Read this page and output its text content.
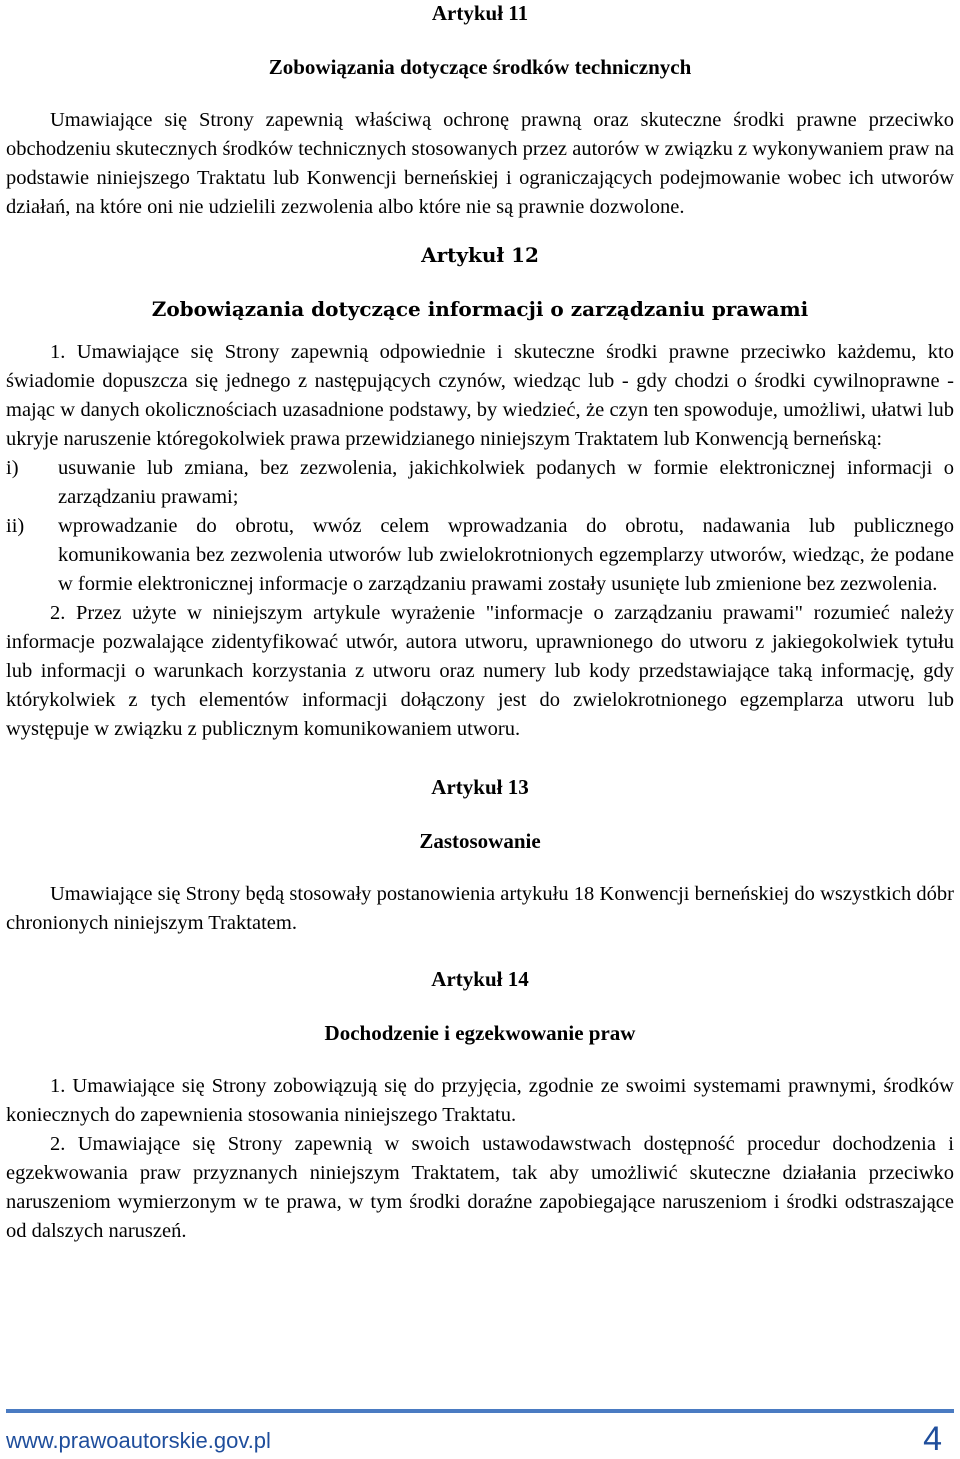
Artykuł 11
Zobowiązania dotyczące środków technicznych
Umawiające się Strony zapewnią właściwą ochronę prawną oraz skuteczne środki prawne przeciwko obchodzeniu skutecznych środków technicznych stosowanych przez autorów w związku z wykonywaniem praw na podstawie niniejszego Traktatu lub Konwencji berneńskiej i ograniczających podejmowanie wobec ich utworów działań, na które oni nie udzielili zezwolenia albo które nie są prawnie dozwolone.
Artykuł 12
Zobowiązania dotyczące informacji o zarządzaniu prawami
1. Umawiające się Strony zapewnią odpowiednie i skuteczne środki prawne przeciwko każdemu, kto świadomie dopuszcza się jednego z następujących czynów, wiedząc lub - gdy chodzi o środki cywilnoprawne - mając w danych okolicznościach uzasadnione podstawy, by wiedzieć, że czyn ten spowoduje, umożliwi, ułatwi lub ukryje naruszenie któregokolwiek prawa przewidzianego niniejszym Traktatem lub Konwencją berneńską:
i) usuwanie lub zmiana, bez zezwolenia, jakichkolwiek podanych w formie elektronicznej informacji o zarządzaniu prawami;
ii) wprowadzanie do obrotu, wwóz celem wprowadzania do obrotu, nadawania lub publicznego komunikowania bez zezwolenia utworów lub zwielokrotnionych egzemplarzy utworów, wiedząc, że podane w formie elektronicznej informacje o zarządzaniu prawami zostały usunięte lub zmienione bez zezwolenia.
2. Przez użyte w niniejszym artykule wyrażenie "informacje o zarządzaniu prawami" rozumieć należy informacje pozwalające zidentyfikować utwór, autora utworu, uprawnionego do utworu z jakiegokolwiek tytułu lub informacji o warunkach korzystania z utworu oraz numery lub kody przedstawiające taką informację, gdy którykolwiek z tych elementów informacji dołączony jest do zwielokrotnionego egzemplarza utworu lub występuje w związku z publicznym komunikowaniem utworu.
Artykuł 13
Zastosowanie
Umawiające się Strony będą stosowały postanowienia artykułu 18 Konwencji berneńskiej do wszystkich dóbr chronionych niniejszym Traktatem.
Artykuł 14
Dochodzenie i egzekwowanie praw
1. Umawiające się Strony zobowiązują się do przyjęcia, zgodnie ze swoimi systemami prawnymi, środków koniecznych do zapewnienia stosowania niniejszego Traktatu.
2. Umawiające się Strony zapewnią w swoich ustawodawstwach dostępność procedur dochodzenia i egzekwowania praw przyznanych niniejszym Traktatem, tak aby umożliwić skuteczne działania przeciwko naruszeniom wymierzonym w te prawa, w tym środki doraźne zapobiegające naruszeniom i środki odstraszające od dalszych naruszeń.
www.prawoautorskie.gov.pl	4
